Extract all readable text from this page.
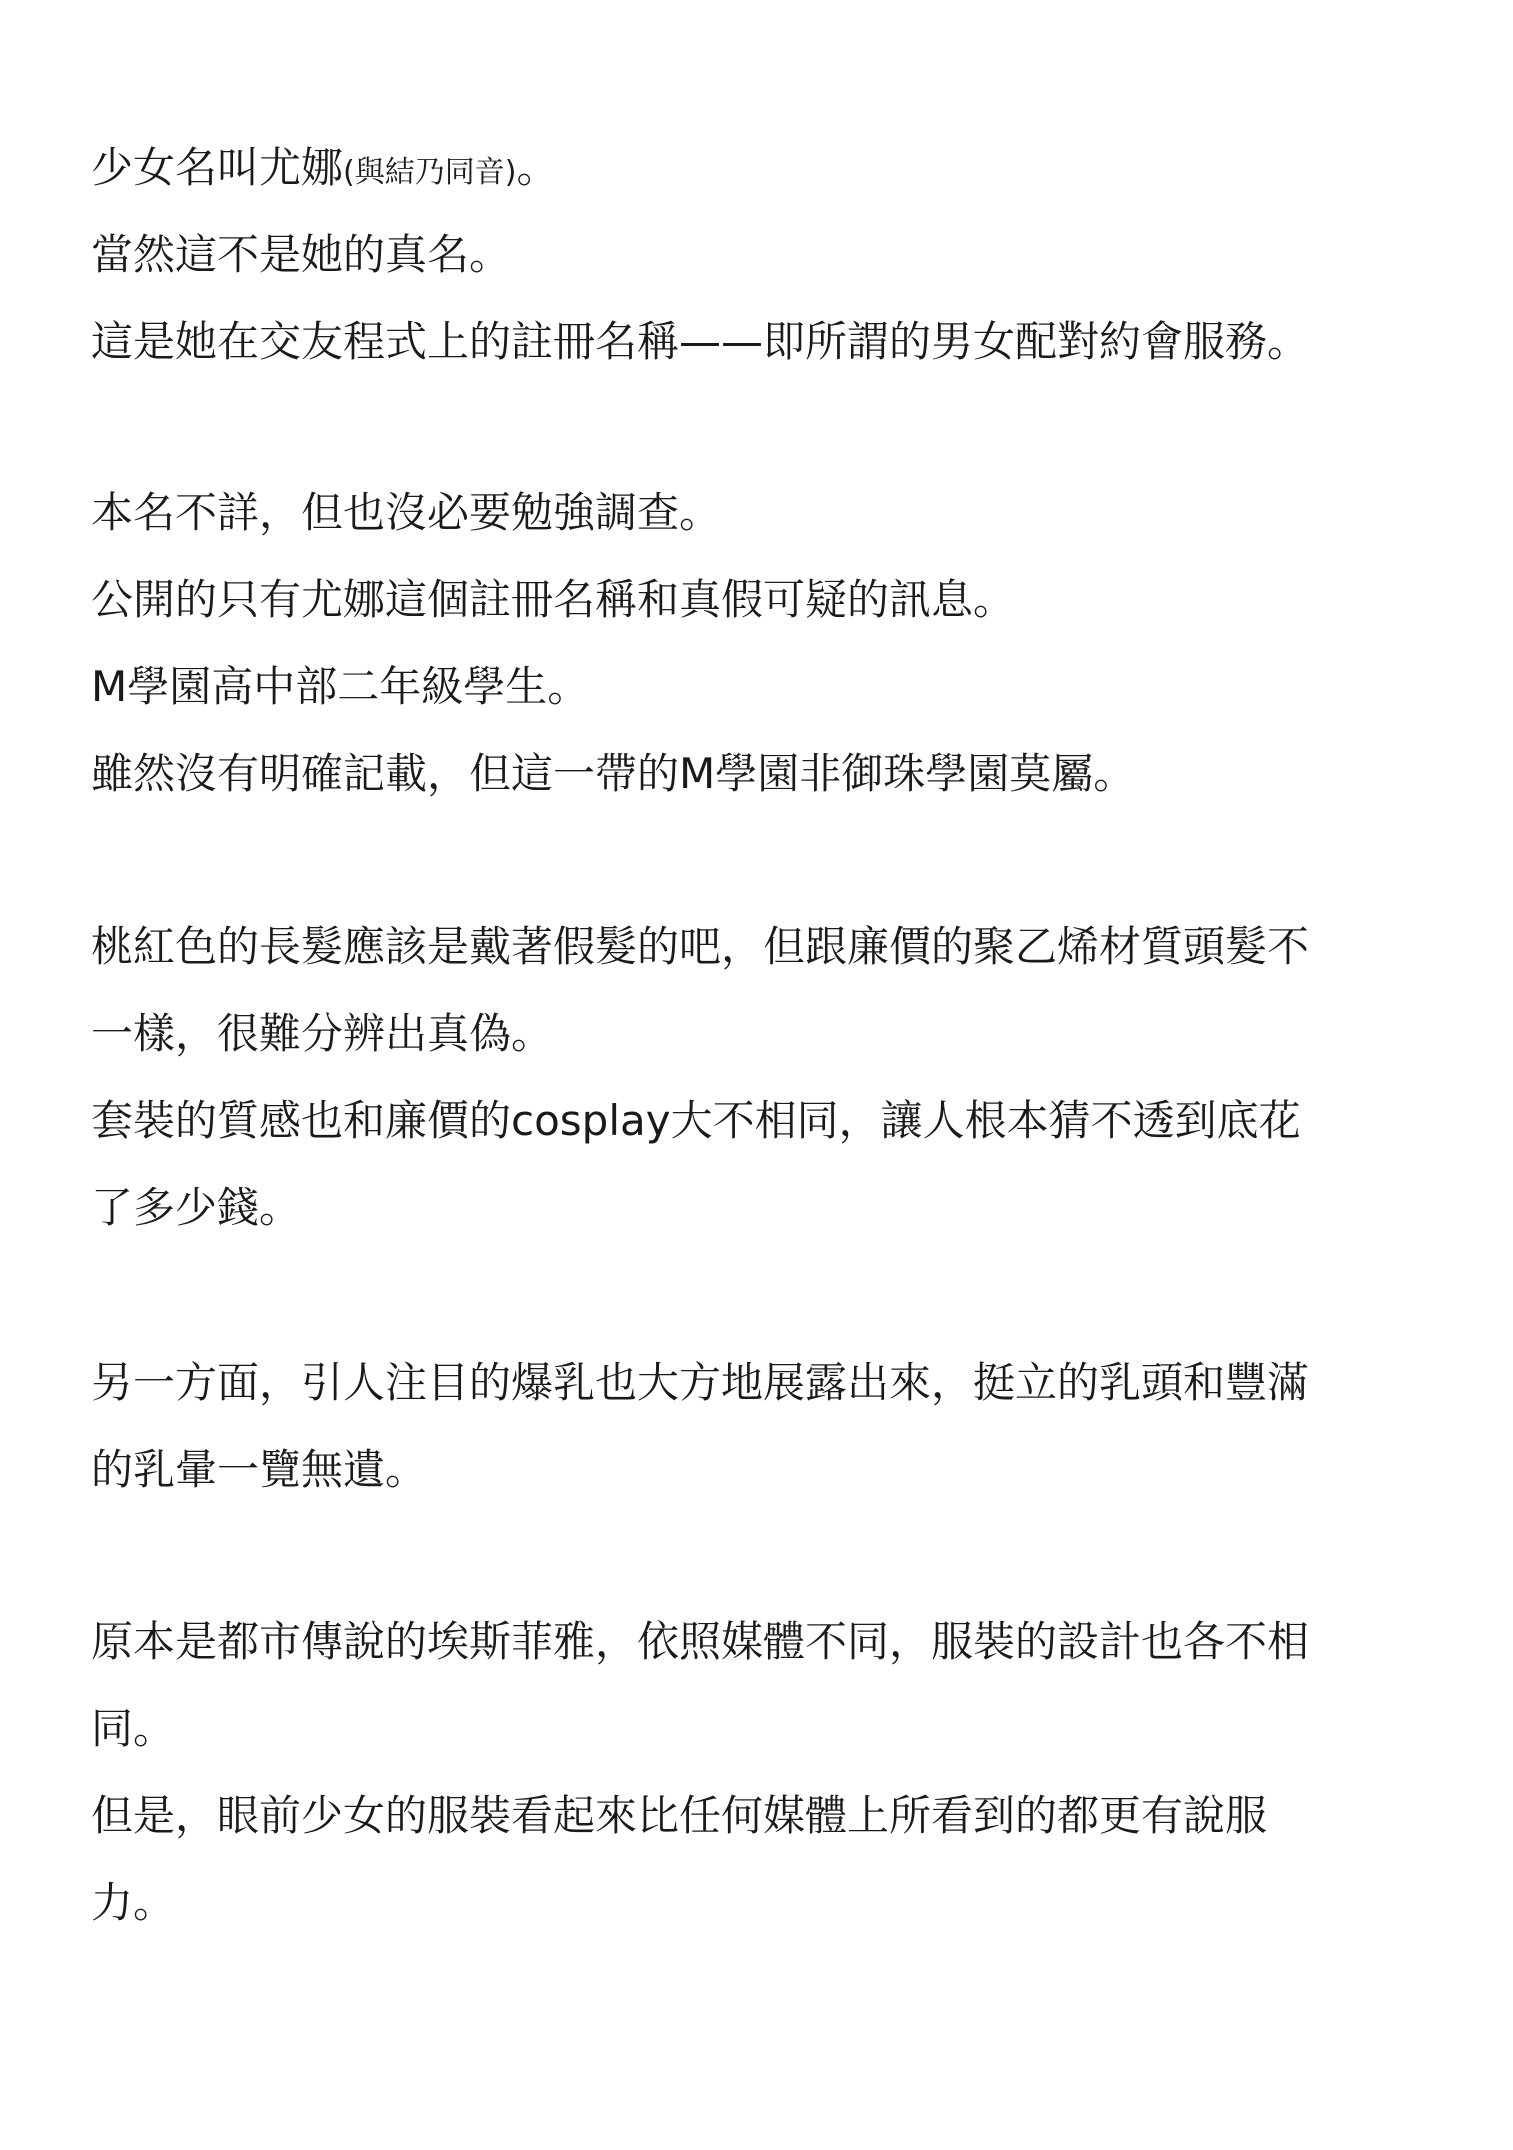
少女名叫尤娜(與結乃同音)。
當然這不是她的真名。
這是她在交友程式上的註冊名稱——即所謂的男女配對約會服務。
本名不詳，但也沒必要勉強調查。
公開的只有尤娜這個註冊名稱和真假可疑的訊息。
M學園高中部二年級學生。
雖然沒有明確記載，但這一帶的M學園非御珠學園莫屬。
桃紅色的長髮應該是戴著假髮的吧，但跟廉價的聚乙烯材質頭髮不
一樣，很難分辨出真偽。
套裝的質感也和廉價的cosplay大不相同，讓人根本猜不透到底花
了多少錢。
另一方面，引人注目的爆乳也大方地展露出來，挺立的乳頭和豐滿
的乳暈一覽無遺。
原本是都市傳說的埃斯菲雅，依照媒體不同，服裝的設計也各不相
同。
但是，眼前少女的服裝看起來比任何媒體上所看到的都更有說服
力。
